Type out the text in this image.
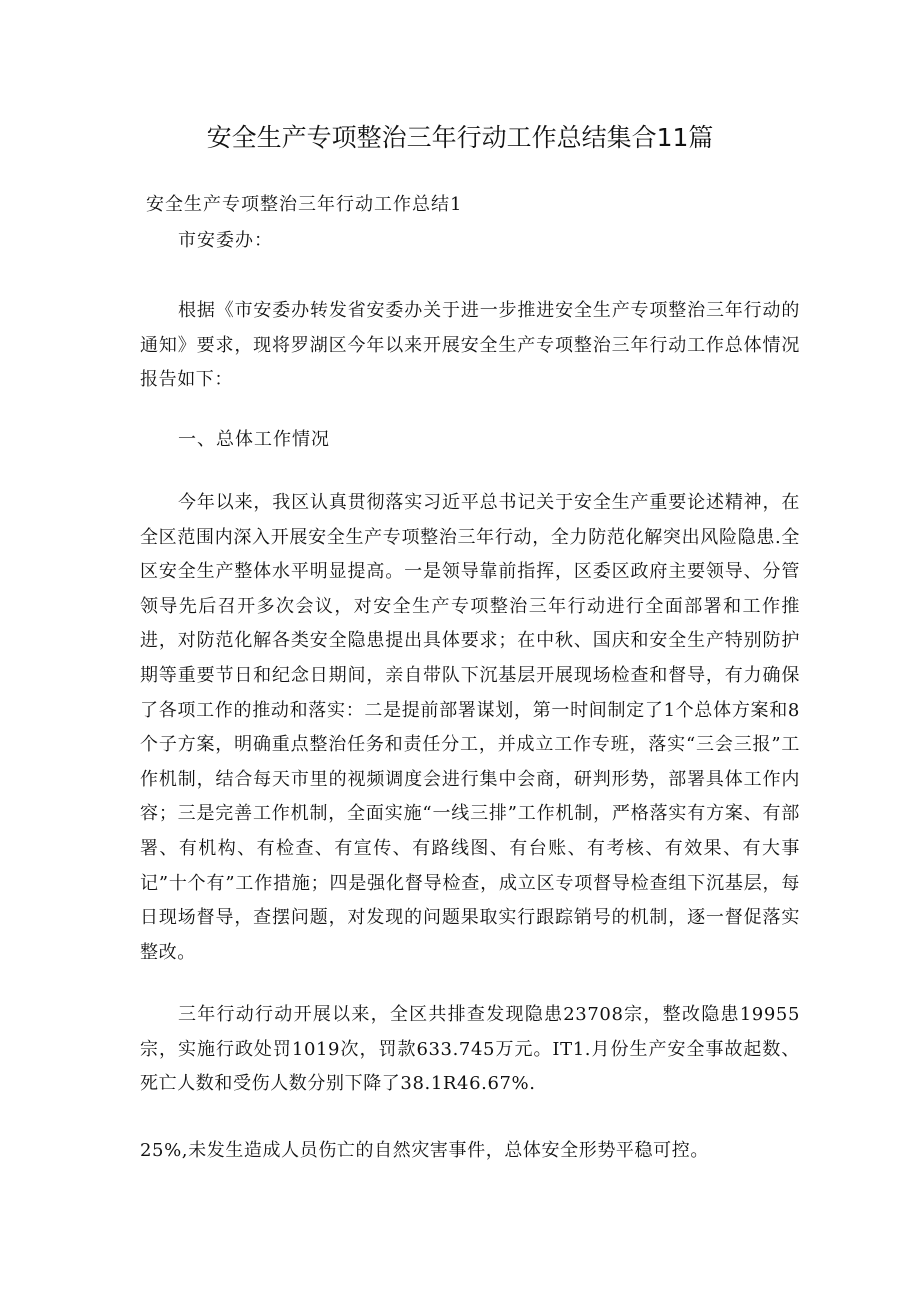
安全生产专项整治三年行动工作总结集合11篇

安全生产专项整治三年行动工作总结1

市安委办：

根据《市安委办转发省安委办关于进一步推进安全生产专项整治三年行动的通知》要求，现将罗湖区今年以来开展安全生产专项整治三年行动工作总体情况报告如下：

一、总体工作情况

今年以来，我区认真贯彻落实习近平总书记关于安全生产重要论述精神，在全区范围内深入开展安全生产专项整治三年行动，全力防范化解突出风险隐患.全区安全生产整体水平明显提高。一是领导靠前指挥，区委区政府主要领导、分管领导先后召开多次会议，对安全生产专项整治三年行动进行全面部署和工作推进，对防范化解各类安全隐患提出具体要求；在中秋、国庆和安全生产特别防护期等重要节日和纪念日期间，亲自带队下沉基层开展现场检查和督导，有力确保了各项工作的推动和落实：二是提前部署谋划，第一时间制定了1个总体方案和8个子方案，明确重点整治任务和责任分工，并成立工作专班，落实“三会三报”工作机制，结合每天市里的视频调度会进行集中会商，研判形势，部署具体工作内容；三是完善工作机制，全面实施“一线三排”工作机制，严格落实有方案、有部署、有机构、有检查、有宣传、有路线图、有台账、有考核、有效果、有大事记”十个有”工作措施；四是强化督导检查，成立区专项督导检查组下沉基层，每日现场督导，查摆问题，对发现的问题果取实行跟踪销号的机制，逐一督促落实整改。

三年行动行动开展以来，全区共排查发现隐患23708宗，整改隐患19955宗，实施行政处罚1019次，罚款633.745万元。IT1.月份生产安全事故起数、死亡人数和受伤人数分别下降了38.1R46.67%.

25%,未发生造成人员伤亡的自然灾害事件，总体安全形势平稳可控。
